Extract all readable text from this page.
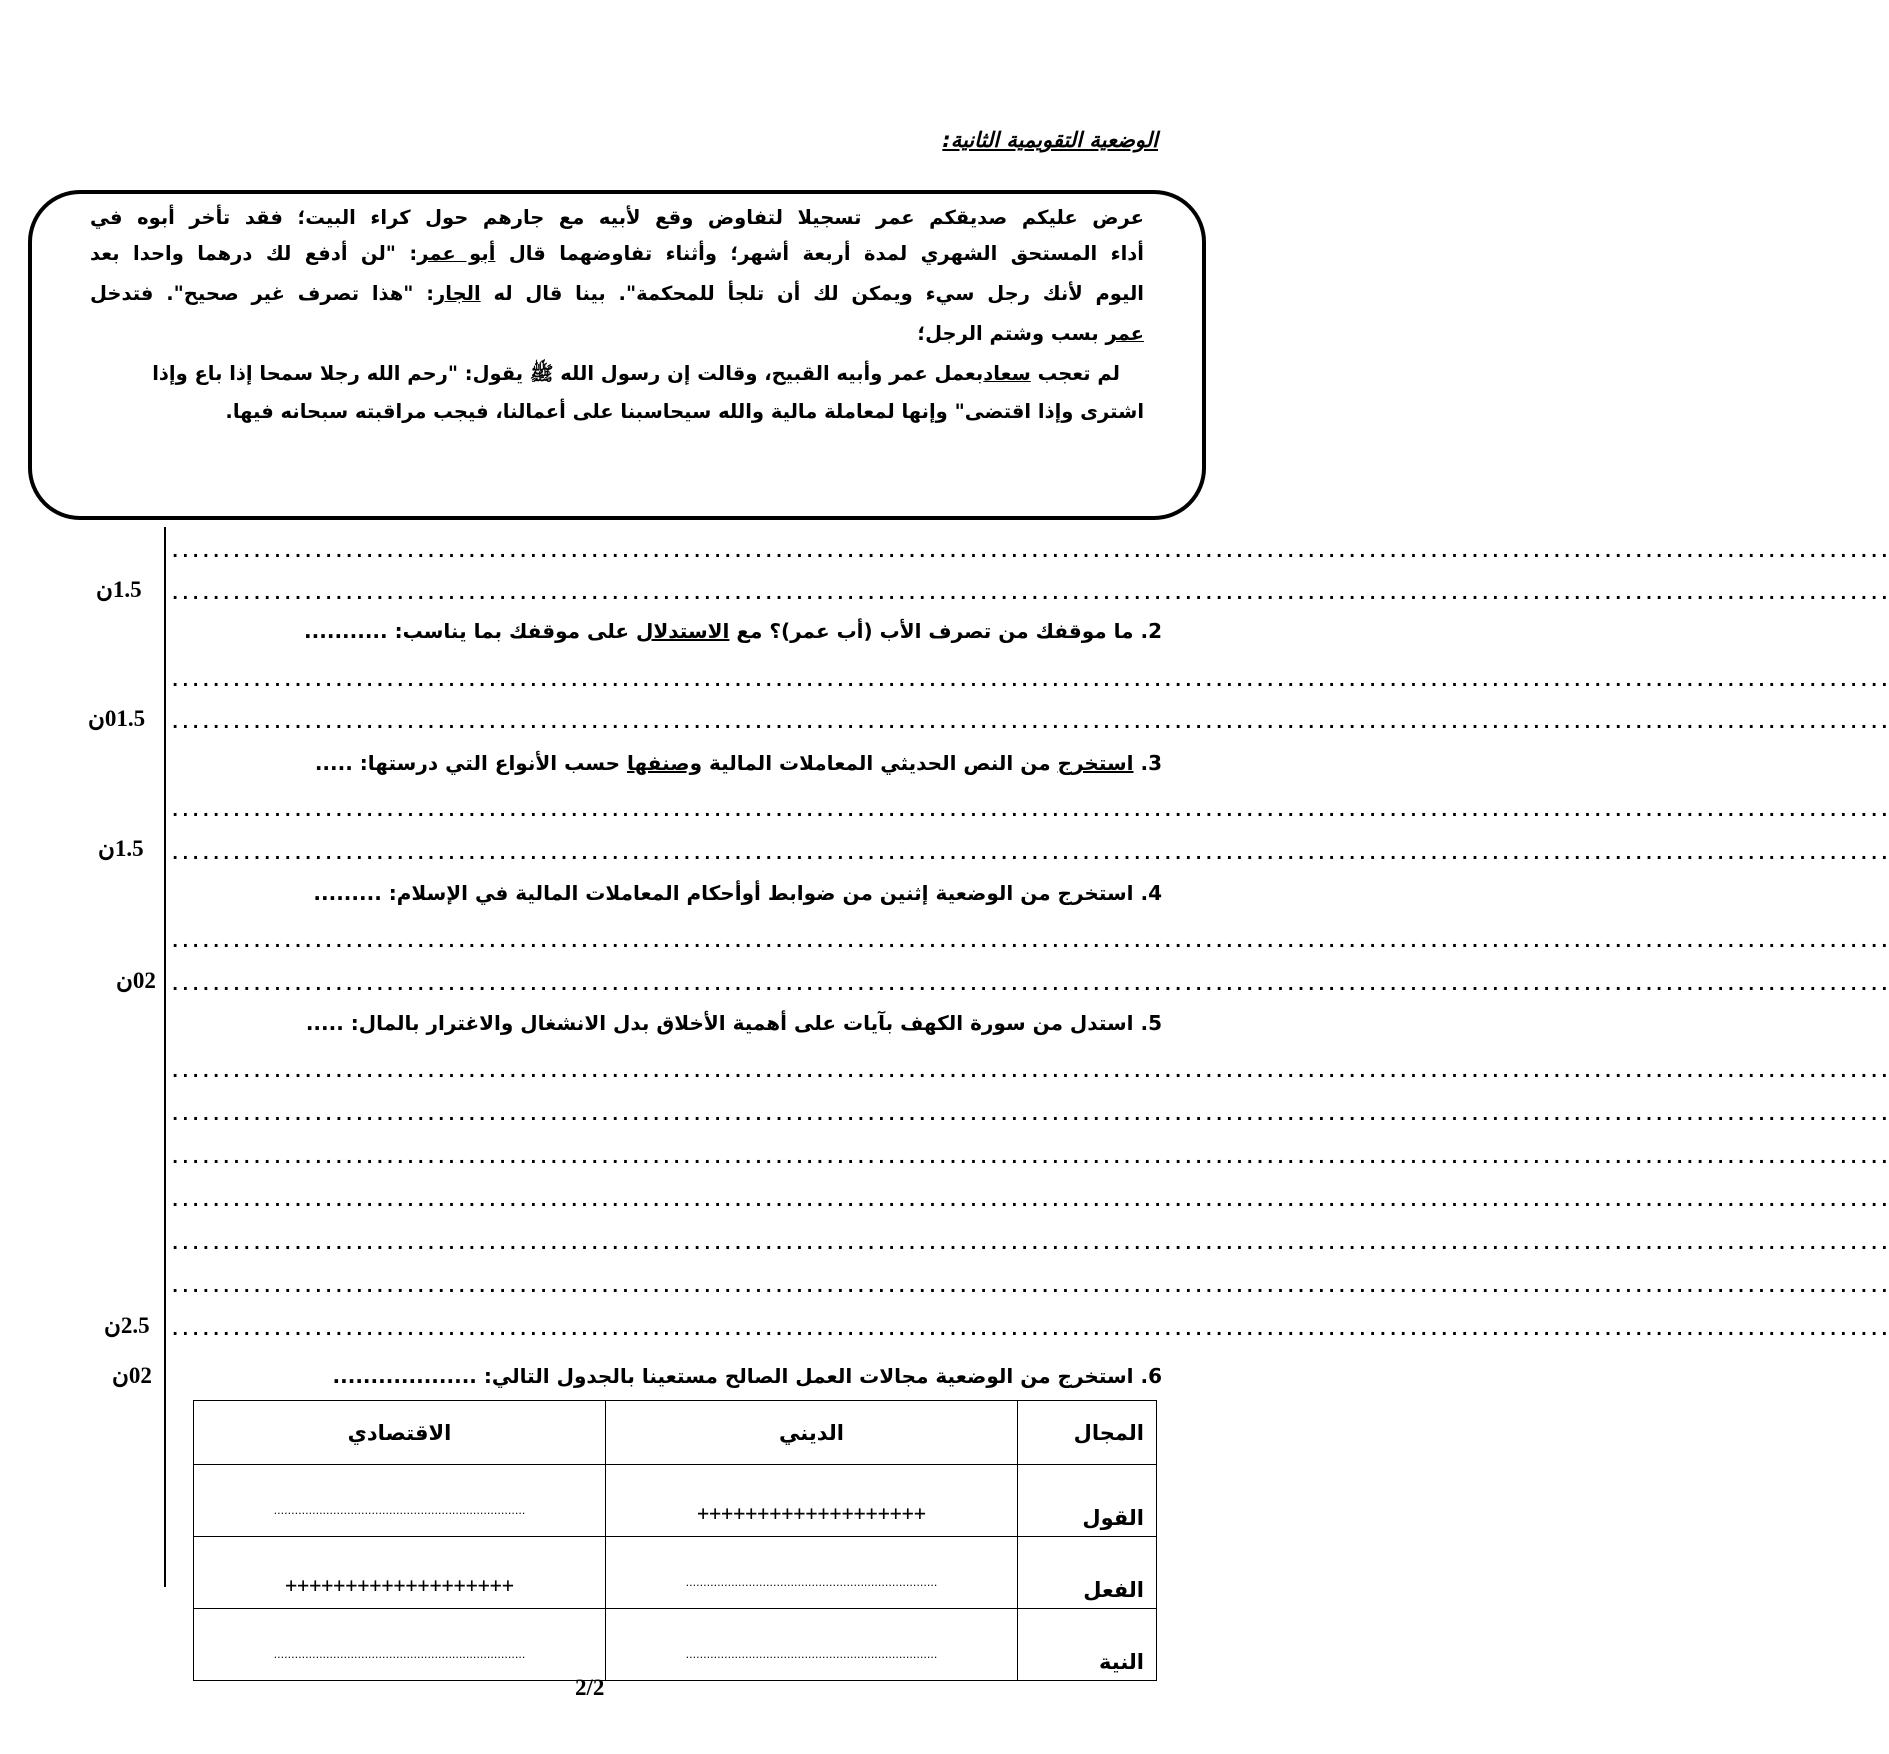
الوضعية التقويمية الثانية:
عرض عليكم صديقكم عمر تسجيلا لتفاوض وقع لأبيه مع جارهم حول كراء البيت؛ فقد تأخر أبوه في
أداء المستحق الشهري لمدة أربعة أشهر؛ وأثناء تفاوضهما قال أبو عمر: "لن أدفع لك درهما واحدا بعد
اليوم لأنك رجل سيء ويمكن لك أن تلجأ للمحكمة". بينا قال له الجار: "هذا تصرف غير صحيح". فتدخل
عمر بسب وشتم الرجل؛
لم تعجب سعادبعمل عمر وأبيه القبيح، وقالت إن رسول الله ﷺ يقول: "رحم الله رجلا سمحا إذا باع وإذا
اشترى وإذا اقتضى" وإنها لمعاملة مالية والله سيحاسبنا على أعمالنا، فيجب مراقبته سبحانه فيها.
........................................................................................................................................................................
........................................................................................................................................................................
1.5ن
2. ما موقفك من تصرف الأب (أب عمر)؟ مع الاستدلال على موقفك بما يناسب: ...........
........................................................................................................................................................................
........................................................................................................................................................................
01.5ن
3. استخرج من النص الحديثي المعاملات المالية وصنفها حسب الأنواع التي درستها: .....
........................................................................................................................................................................
........................................................................................................................................................................
1.5ن
4. استخرج من الوضعية إثنين من ضوابط أوأحكام المعاملات المالية في الإسلام: .........
........................................................................................................................................................................
........................................................................................................................................................................
02ن
5. استدل من سورة الكهف بآيات على أهمية الأخلاق بدل الانشغال والاغترار بالمال: .....
........................................................................................................................................................................
........................................................................................................................................................................
........................................................................................................................................................................
........................................................................................................................................................................
........................................................................................................................................................................
........................................................................................................................................................................
........................................................................................................................................................................
2.5ن
6. استخرج من الوضعية مجالات العمل الصالح مستعينا بالجدول التالي: ...................
02ن
المجال	الديني	الاقتصادي
القول	+++++++++++++++++++	........................................................................
الفعل	........................................................................	+++++++++++++++++++
النية	........................................................................	........................................................................
2/2
